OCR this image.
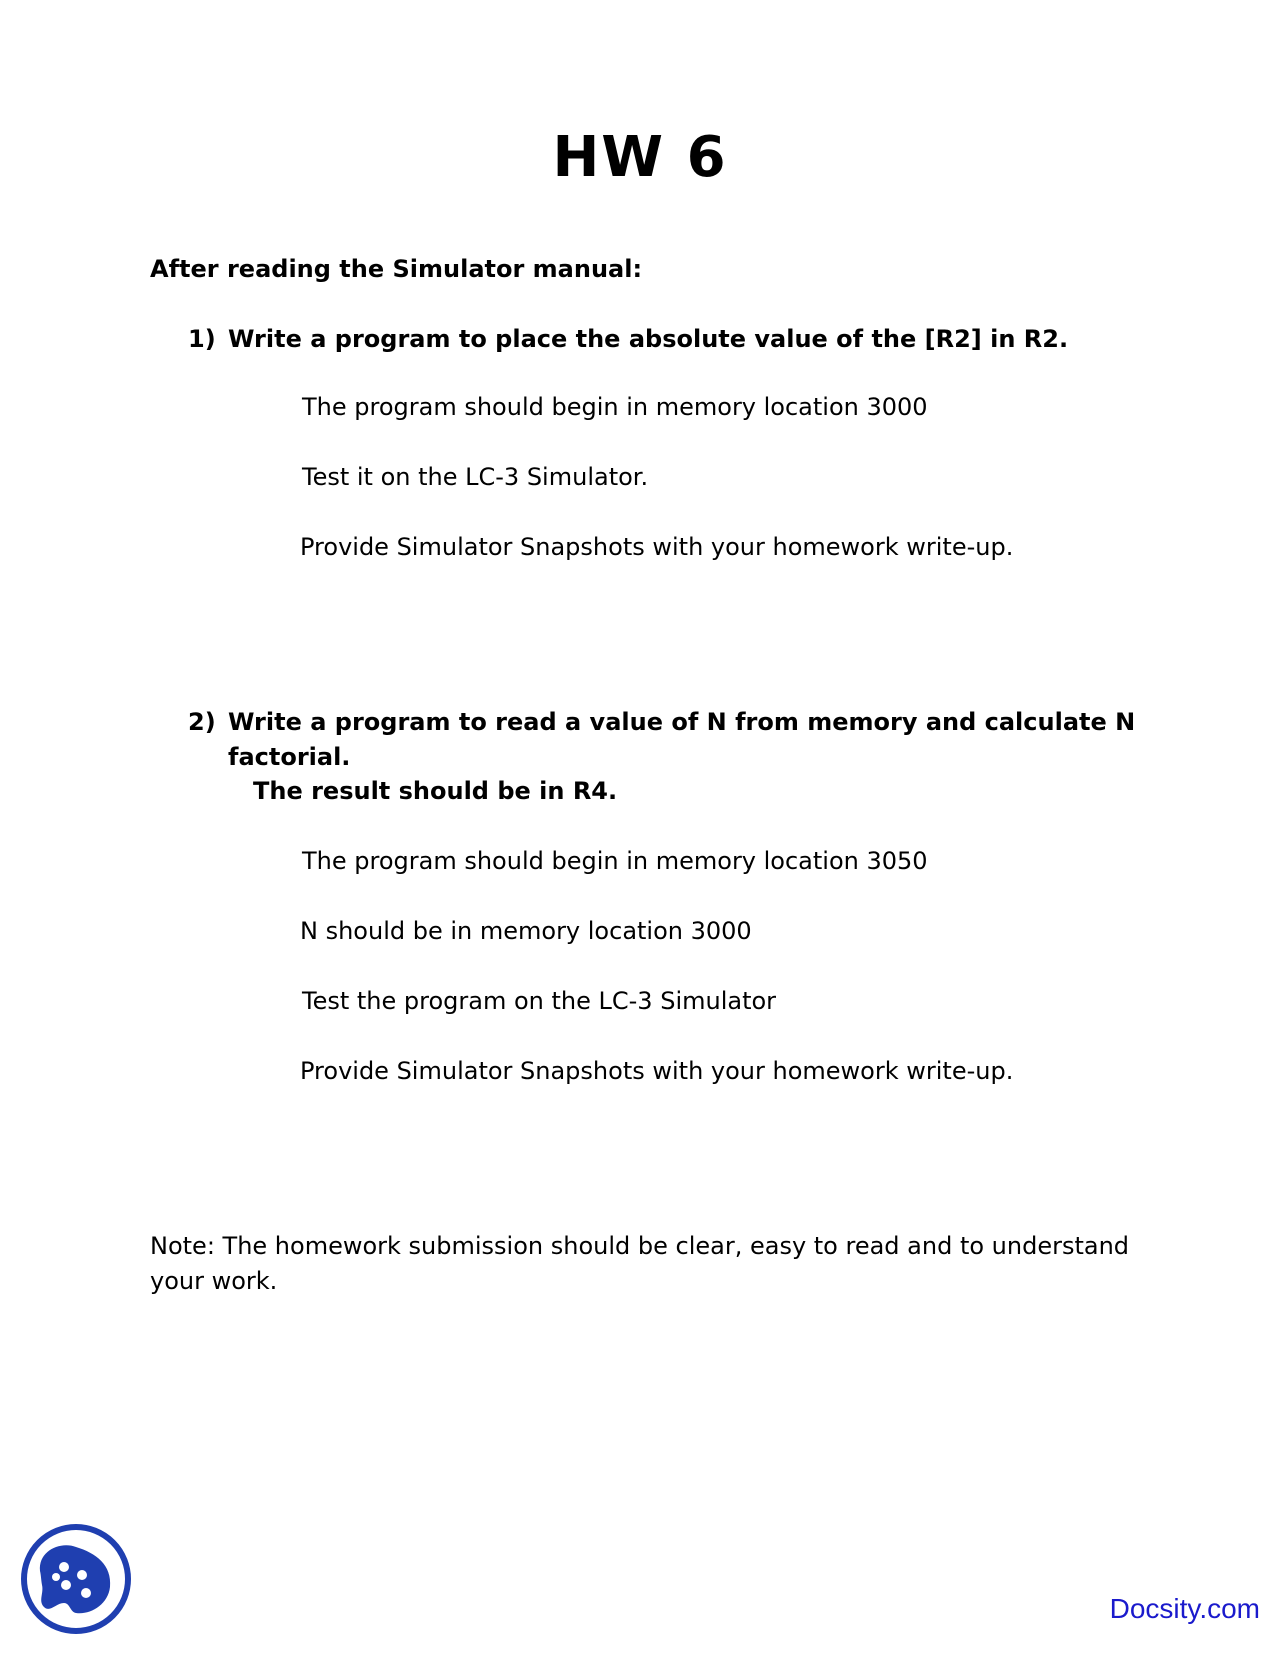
HW 6
After reading the Simulator manual:
1) Write a program to place the absolute value of the [R2] in R2.
The program should begin in memory location 3000
Test it on the LC-3 Simulator.
Provide Simulator Snapshots with your homework write-up.
2) Write a program to read a value of N from memory and calculate N
factorial.
The result should be in R4.
The program should begin in memory location 3050
N should be in memory location 3000
Test the program on the LC-3 Simulator
Provide Simulator Snapshots with your homework write-up.
Note: The homework submission should be clear, easy to read and to understand
your work.
Docsity.com
